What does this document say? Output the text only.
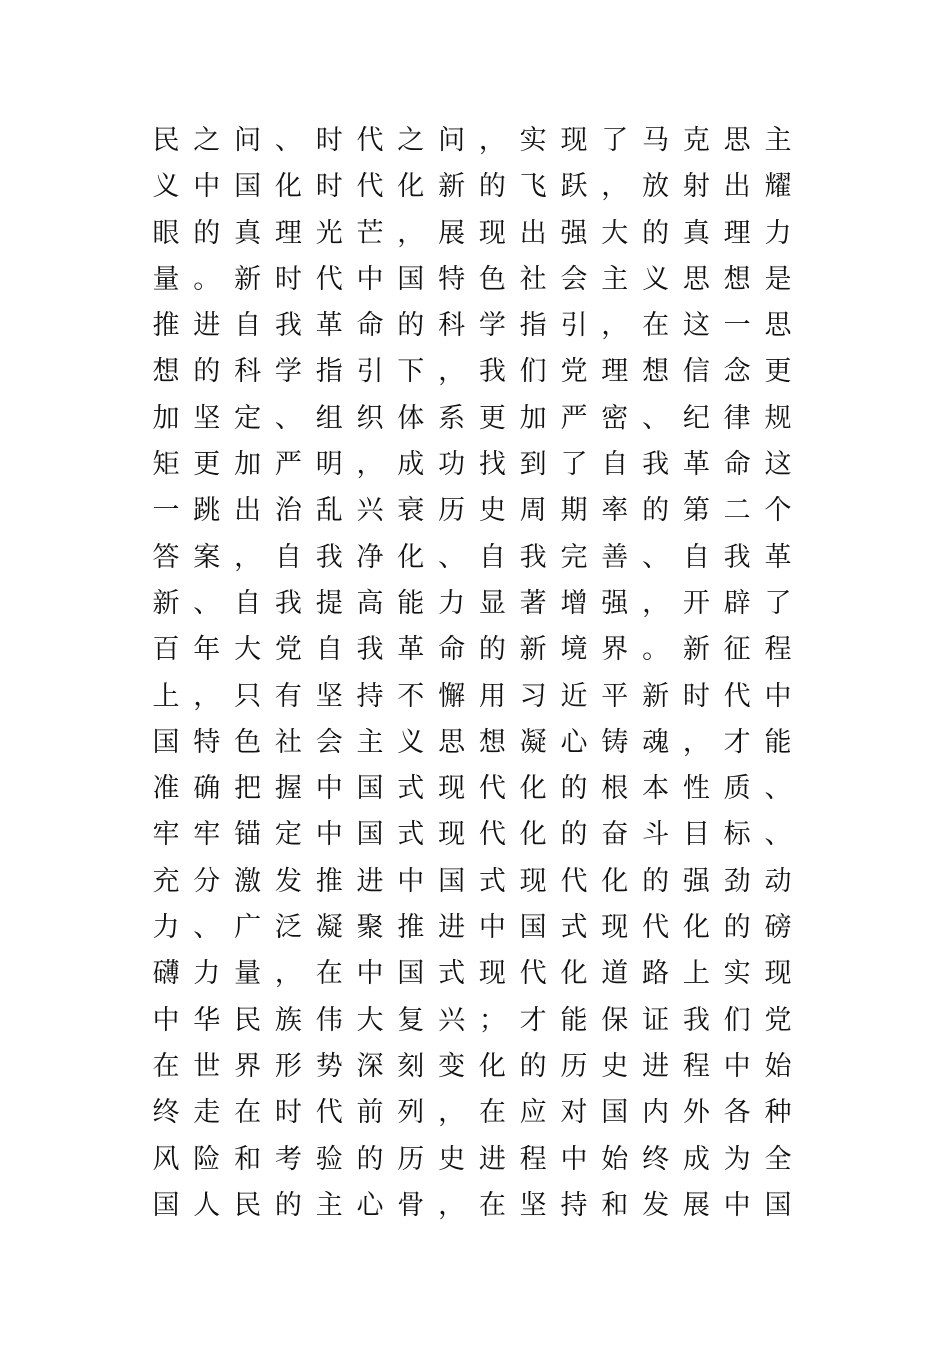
民 之 问 、 时 代 之 问 ， 实 现 了 马 克 思 主
义 中 国 化 时 代 化 新 的 飞 跃 ， 放 射 出 耀
眼 的 真 理 光 芒 ， 展 现 出 强 大 的 真 理 力
量 。 新 时 代 中 国 特 色 社 会 主 义 思 想 是
推 进 自 我 革 命 的 科 学 指 引 ， 在 这 一 思
想 的 科 学 指 引 下 ， 我 们 党 理 想 信 念 更
加 坚 定 、 组 织 体 系 更 加 严 密 、 纪 律 规
矩 更 加 严 明 ， 成 功 找 到 了 自 我 革 命 这
一 跳 出 治 乱 兴 衰 历 史 周 期 率 的 第 二 个
答 案 ， 自 我 净 化 、 自 我 完 善 、 自 我 革
新 、 自 我 提 高 能 力 显 著 增 强 ， 开 辟 了
百 年 大 党 自 我 革 命 的 新 境 界 。 新 征 程
上 ， 只 有 坚 持 不 懈 用 习 近 平 新 时 代 中
国 特 色 社 会 主 义 思 想 凝 心 铸 魂 ， 才 能
准 确 把 握 中 国 式 现 代 化 的 根 本 性 质 、
牢 牢 锚 定 中 国 式 现 代 化 的 奋 斗 目 标 、
充 分 激 发 推 进 中 国 式 现 代 化 的 强 劲 动
力 、 广 泛 凝 聚 推 进 中 国 式 现 代 化 的 磅
礴 力 量 ， 在 中 国 式 现 代 化 道 路 上 实 现
中 华 民 族 伟 大 复 兴 ； 才 能 保 证 我 们 党
在 世 界 形 势 深 刻 变 化 的 历 史 进 程 中 始
终 走 在 时 代 前 列 ， 在 应 对 国 内 外 各 种
风 险 和 考 验 的 历 史 进 程 中 始 终 成 为 全
国 人 民 的 主 心 骨 ， 在 坚 持 和 发 展 中 国
